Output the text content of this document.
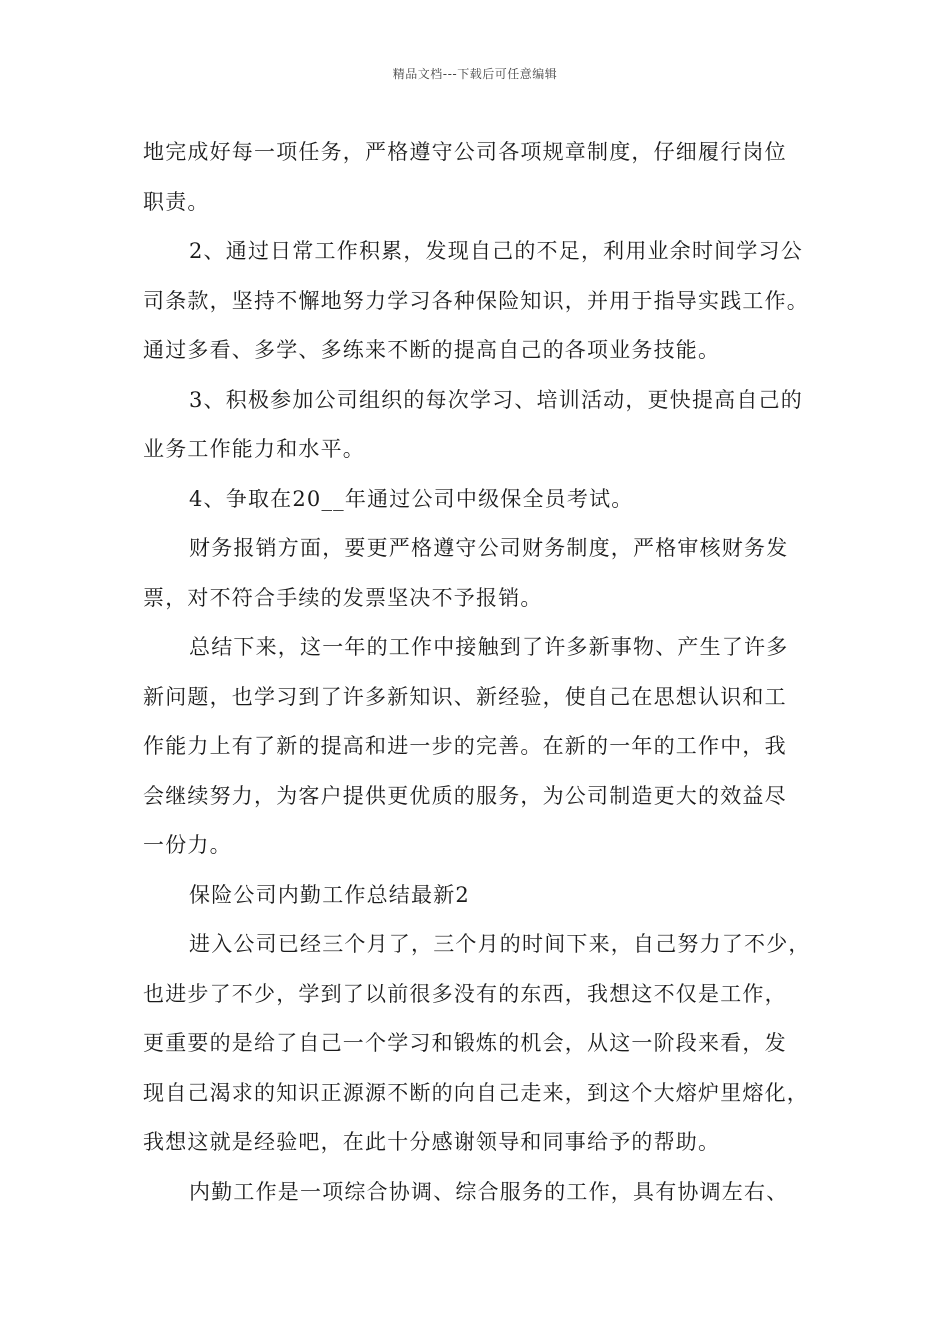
精品文档---下载后可任意编辑
地完成好每一项任务，严格遵守公司各项规章制度，仔细履行岗位
职责。
2、通过日常工作积累，发现自己的不足，利用业余时间学习公
司条款，坚持不懈地努力学习各种保险知识，并用于指导实践工作。
通过多看、多学、多练来不断的提高自己的各项业务技能。
3、积极参加公司组织的每次学习、培训活动，更快提高自己的
业务工作能力和水平。
4、争取在20__年通过公司中级保全员考试。
财务报销方面，要更严格遵守公司财务制度，严格审核财务发
票，对不符合手续的发票坚决不予报销。
总结下来，这一年的工作中接触到了许多新事物、产生了许多
新问题，也学习到了许多新知识、新经验，使自己在思想认识和工
作能力上有了新的提高和进一步的完善。在新的一年的工作中，我
会继续努力，为客户提供更优质的服务，为公司制造更大的效益尽
一份力。
保险公司内勤工作总结最新2
进入公司已经三个月了，三个月的时间下来，自己努力了不少，
也进步了不少，学到了以前很多没有的东西，我想这不仅是工作，
更重要的是给了自己一个学习和锻炼的机会，从这一阶段来看，发
现自己渴求的知识正源源不断的向自己走来，到这个大熔炉里熔化，
我想这就是经验吧，在此十分感谢领导和同事给予的帮助。
内勤工作是一项综合协调、综合服务的工作，具有协调左右、
